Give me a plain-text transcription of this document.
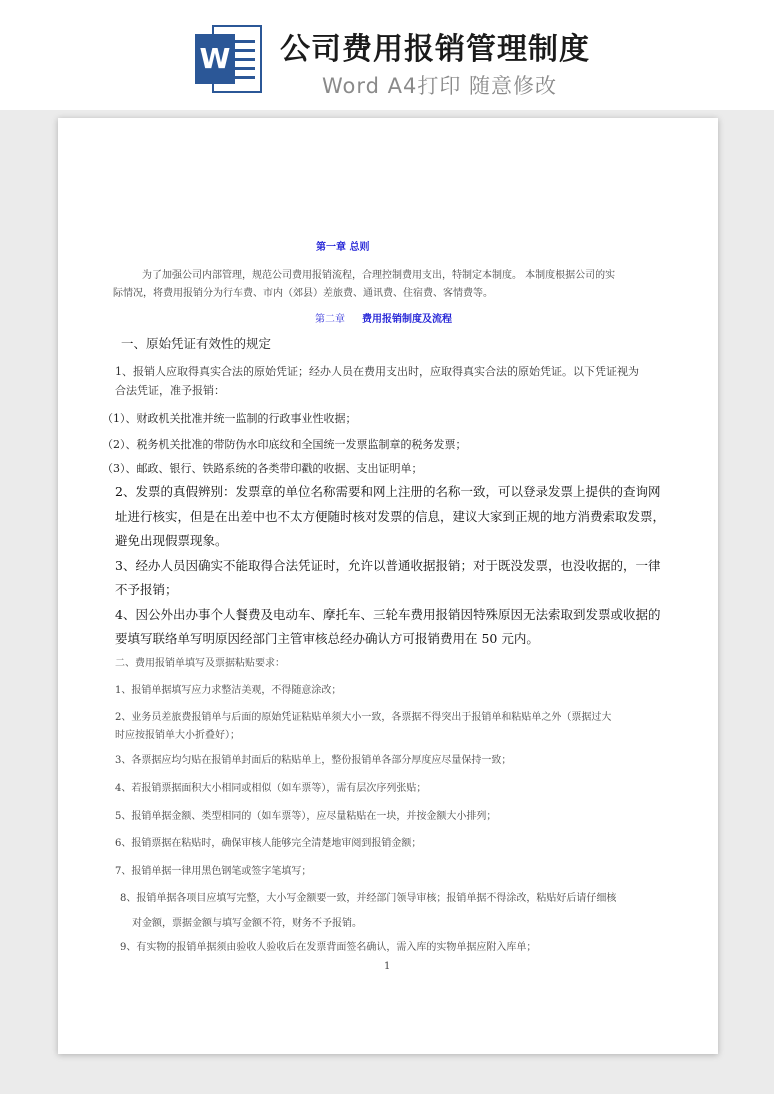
W 公司费用报销管理制度
Word A4打印 随意修改
第一章 总则
为了加强公司内部管理，规范公司费用报销流程，合理控制费用支出，特制定本制度。 本制度根据公司的实
际情况，将费用报销分为行车费、市内（郊县）差旅费、通讯费、住宿费、客情费等。
第二章 费用报销制度及流程
一、原始凭证有效性的规定
1、报销人应取得真实合法的原始凭证；经办人员在费用支出时，应取得真实合法的原始凭证。以下凭证视为
合法凭证，准予报销：
（1）、财政机关批准并统一监制的行政事业性收据；
（2）、税务机关批准的带防伪水印底纹和全国统一发票监制章的税务发票；
（3）、邮政、银行、铁路系统的各类带印戳的收据、支出证明单；
2、发票的真假辨别：发票章的单位名称需要和网上注册的名称一致，可以登录发票上提供的查询网
址进行核实，但是在出差中也不太方便随时核对发票的信息，建议大家到正规的地方消费索取发票，
避免出现假票现象。
3、经办人员因确实不能取得合法凭证时，允许以普通收据报销；对于既没发票，也没收据的，一律
不予报销；
4、因公外出办事个人餐费及电动车、摩托车、三轮车费用报销因特殊原因无法索取到发票或收据的
要填写联络单写明原因经部门主管审核总经办确认方可报销费用在 50 元内。
二、费用报销单填写及票据粘贴要求：
1、报销单据填写应力求整洁美观，不得随意涂改；
2、业务员差旅费报销单与后面的原始凭证粘贴单须大小一致，各票据不得突出于报销单和粘贴单之外（票据过大
时应按报销单大小折叠好）；
3、各票据应均匀贴在报销单封面后的粘贴单上，整份报销单各部分厚度应尽量保持一致；
4、若报销票据面积大小相同或相似（如车票等），需有层次序列张贴；
5、报销单据金额、类型相同的（如车票等），应尽量粘贴在一块，并按金额大小排列；
6、报销票据在粘贴时，确保审核人能够完全清楚地审阅到报销金额；
7、报销单据一律用黑色钢笔或签字笔填写；
8、报销单据各项目应填写完整，大小写金额要一致，并经部门领导审核；报销单据不得涂改，粘贴好后请仔细核
对金额，票据金额与填写金额不符，财务不予报销。
9、有实物的报销单据须由验收人验收后在发票背面签名确认，需入库的实物单据应附入库单；
1
